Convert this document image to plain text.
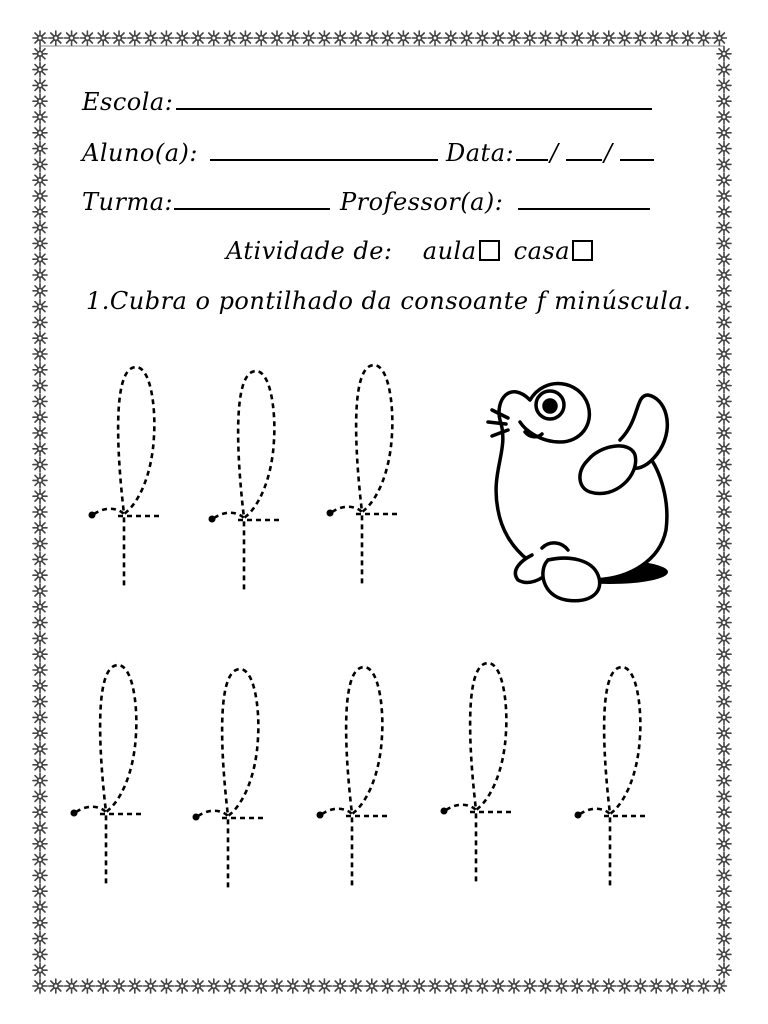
Escola:
Aluno(a):	Data: / /
Turma:	Professor(a):
Atividade de: aula casa
1.Cubra o pontilhado da consoante f minúscula.
